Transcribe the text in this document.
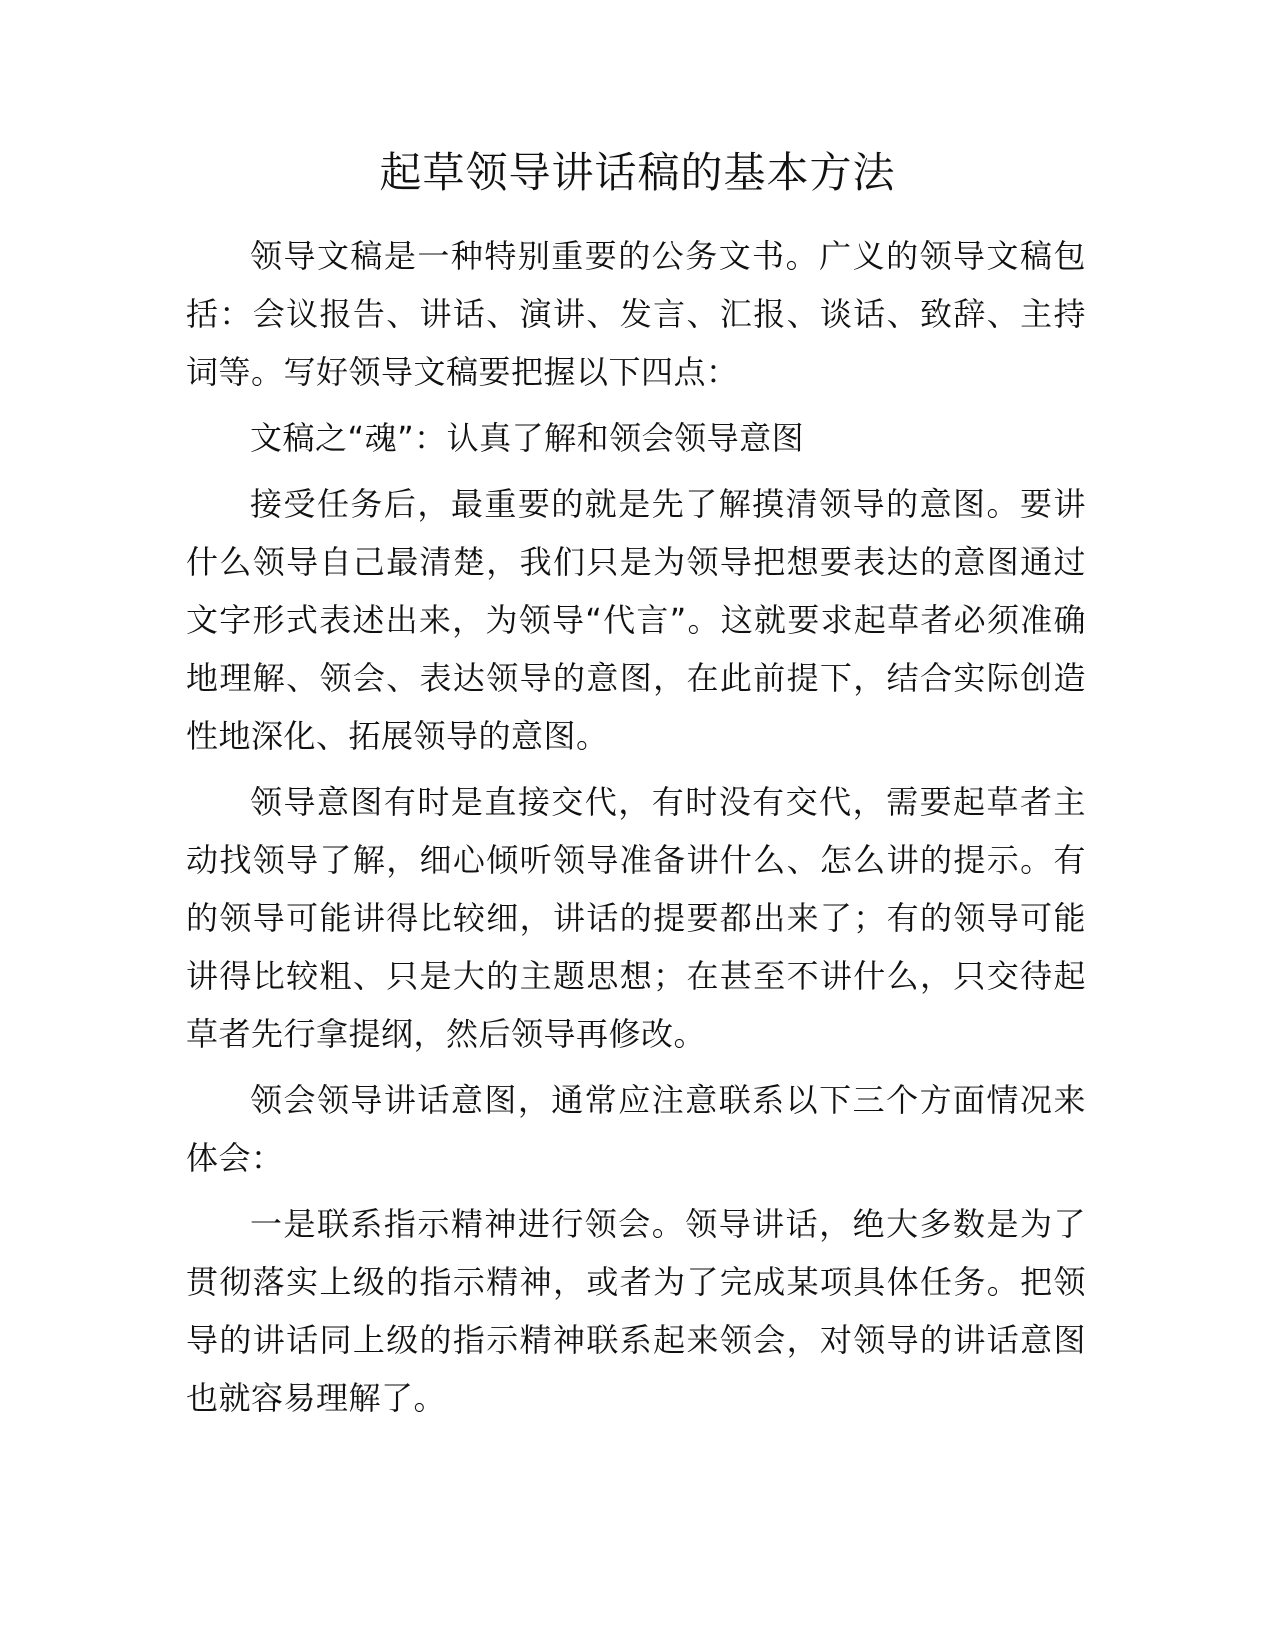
起草领导讲话稿的基本方法

领导文稿是一种特别重要的公务文书。广义的领导文稿包括：会议报告、讲话、演讲、发言、汇报、谈话、致辞、主持词等。写好领导文稿要把握以下四点：

文稿之“魂”：认真了解和领会领导意图

接受任务后，最重要的就是先了解摸清领导的意图。要讲什么领导自己最清楚，我们只是为领导把想要表达的意图通过文字形式表述出来，为领导“代言”。这就要求起草者必须准确地理解、领会、表达领导的意图，在此前提下，结合实际创造性地深化、拓展领导的意图。

领导意图有时是直接交代，有时没有交代，需要起草者主动找领导了解，细心倾听领导准备讲什么、怎么讲的提示。有的领导可能讲得比较细，讲话的提要都出来了；有的领导可能讲得比较粗、只是大的主题思想；在甚至不讲什么，只交待起草者先行拿提纲，然后领导再修改。

领会领导讲话意图，通常应注意联系以下三个方面情况来体会：

一是联系指示精神进行领会。领导讲话，绝大多数是为了贯彻落实上级的指示精神，或者为了完成某项具体任务。把领导的讲话同上级的指示精神联系起来领会，对领导的讲话意图也就容易理解了。
